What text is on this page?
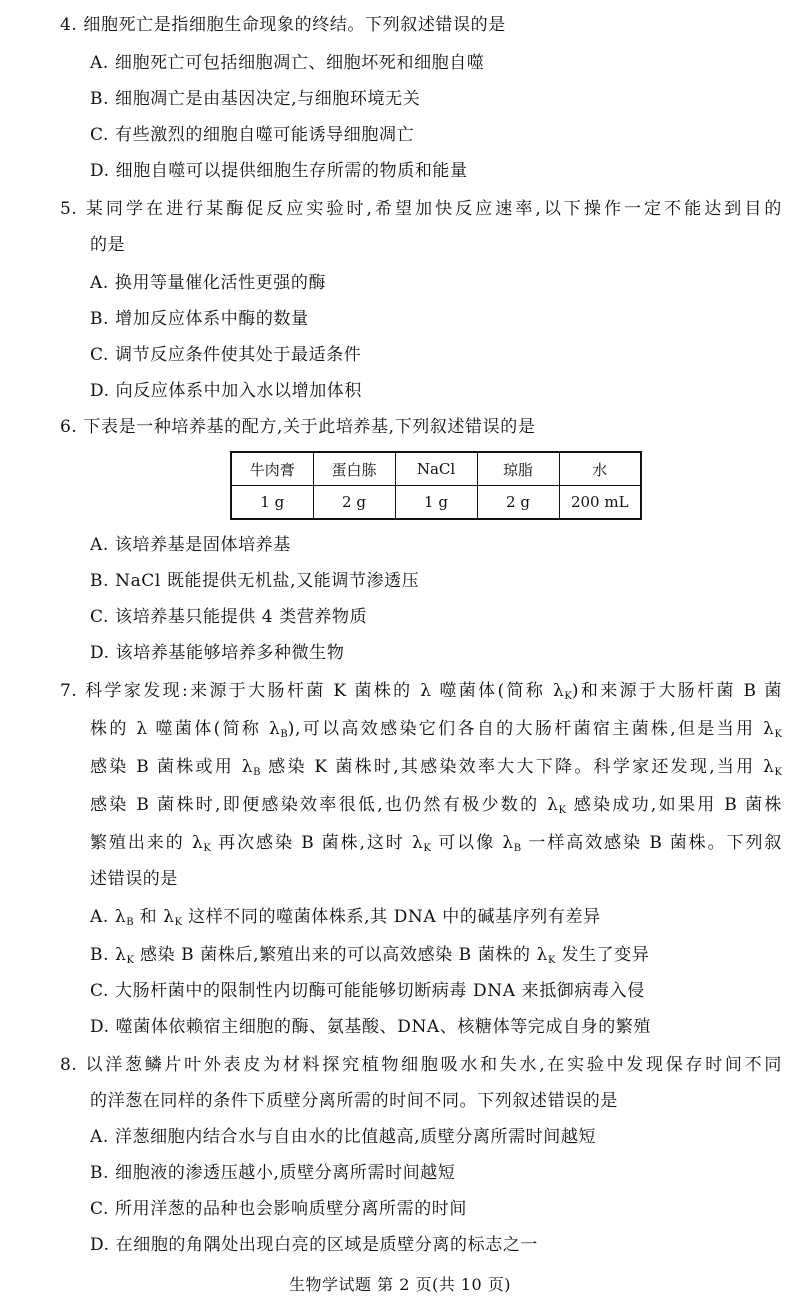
4. 细胞死亡是指细胞生命现象的终结。下列叙述错误的是
A. 细胞死亡可包括细胞凋亡、细胞坏死和细胞自噬
B. 细胞凋亡是由基因决定,与细胞环境无关
C. 有些激烈的细胞自噬可能诱导细胞凋亡
D. 细胞自噬可以提供细胞生存所需的物质和能量
5. 某同学在进行某酶促反应实验时,希望加快反应速率,以下操作一定不能达到目的
的是
A. 换用等量催化活性更强的酶
B. 增加反应体系中酶的数量
C. 调节反应条件使其处于最适条件
D. 向反应体系中加入水以增加体积
6. 下表是一种培养基的配方,关于此培养基,下列叙述错误的是
牛肉膏	蛋白胨	NaCl	琼脂	水
1 g	2 g	1 g	2 g	200 mL
A. 该培养基是固体培养基
B. NaCl 既能提供无机盐,又能调节渗透压
C. 该培养基只能提供 4 类营养物质
D. 该培养基能够培养多种微生物
7. 科学家发现:来源于大肠杆菌 K 菌株的 λ 噬菌体(简称 $\lambda_K$)和来源于大肠杆菌 B 菌
株的 λ 噬菌体(简称 $\lambda_B$),可以高效感染它们各自的大肠杆菌宿主菌株,但是当用 $\lambda_K$
感染 B 菌株或用 $\lambda_B$ 感染 K 菌株时,其感染效率大大下降。科学家还发现,当用 $\lambda_K$
感染 B 菌株时,即便感染效率很低,也仍然有极少数的 $\lambda_K$ 感染成功,如果用 B 菌株
繁殖出来的 $\lambda_K$ 再次感染 B 菌株,这时 $\lambda_K$ 可以像 $\lambda_B$ 一样高效感染 B 菌株。下列叙
述错误的是
A. $\lambda_B$ 和 $\lambda_K$ 这样不同的噬菌体株系,其 DNA 中的碱基序列有差异
B. $\lambda_K$ 感染 B 菌株后,繁殖出来的可以高效感染 B 菌株的 $\lambda_K$ 发生了变异
C. 大肠杆菌中的限制性内切酶可能能够切断病毒 DNA 来抵御病毒入侵
D. 噬菌体依赖宿主细胞的酶、氨基酸、DNA、核糖体等完成自身的繁殖
8. 以洋葱鳞片叶外表皮为材料探究植物细胞吸水和失水,在实验中发现保存时间不同
的洋葱在同样的条件下质壁分离所需的时间不同。下列叙述错误的是
A. 洋葱细胞内结合水与自由水的比值越高,质壁分离所需时间越短
B. 细胞液的渗透压越小,质壁分离所需时间越短
C. 所用洋葱的品种也会影响质壁分离所需的时间
D. 在细胞的角隅处出现白亮的区域是质壁分离的标志之一
生物学试题 第 2 页(共 10 页)
